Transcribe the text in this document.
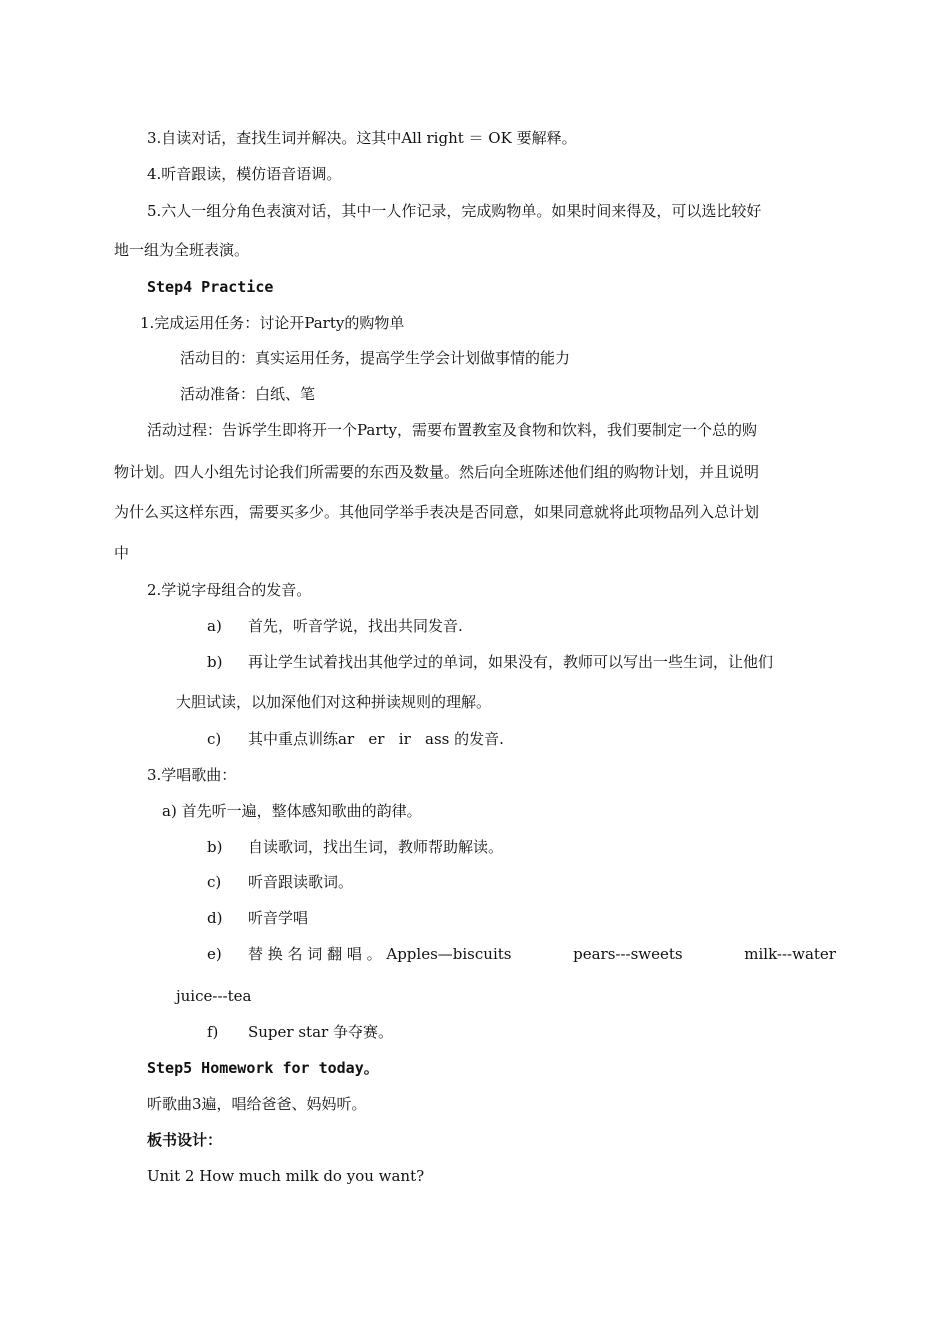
3.自读对话，查找生词并解决。这其中All right ＝ OK 要解释。
4.听音跟读，模仿语音语调。
5.六人一组分角色表演对话，其中一人作记录，完成购物单。如果时间来得及，可以选比较好
地一组为全班表演。
Step4 Practice
1.完成运用任务：讨论开Party的购物单
活动目的：真实运用任务，提高学生学会计划做事情的能力
活动准备：白纸、笔
活动过程：告诉学生即将开一个Party，需要布置教室及食物和饮料，我们要制定一个总的购
物计划。四人小组先讨论我们所需要的东西及数量。然后向全班陈述他们组的购物计划，并且说明
为什么买这样东西，需要买多少。其他同学举手表决是否同意，如果同意就将此项物品列入总计划
中
2.学说字母组合的发音。
a) 首先，听音学说，找出共同发音.
b) 再让学生试着找出其他学过的单词，如果没有，教师可以写出一些生词，让他们
大胆试读，以加深他们对这种拼读规则的理解。
c) 其中重点训练ar   er   ir   ass 的发音.
3.学唱歌曲：
a) 首先听一遍，整体感知歌曲的韵律。
b) 自读歌词，找出生词，教师帮助解读。
c) 听音跟读歌词。
d) 听音学唱
e) 替 换 名 词 翻 唱 。 Apples—biscuits	pears---sweets	milk---water
juice---tea
f) Super star 争夺赛。
Step5 Homework for today。
听歌曲3遍，唱给爸爸、妈妈听。
板书设计：
Unit 2 How much milk do you want?
